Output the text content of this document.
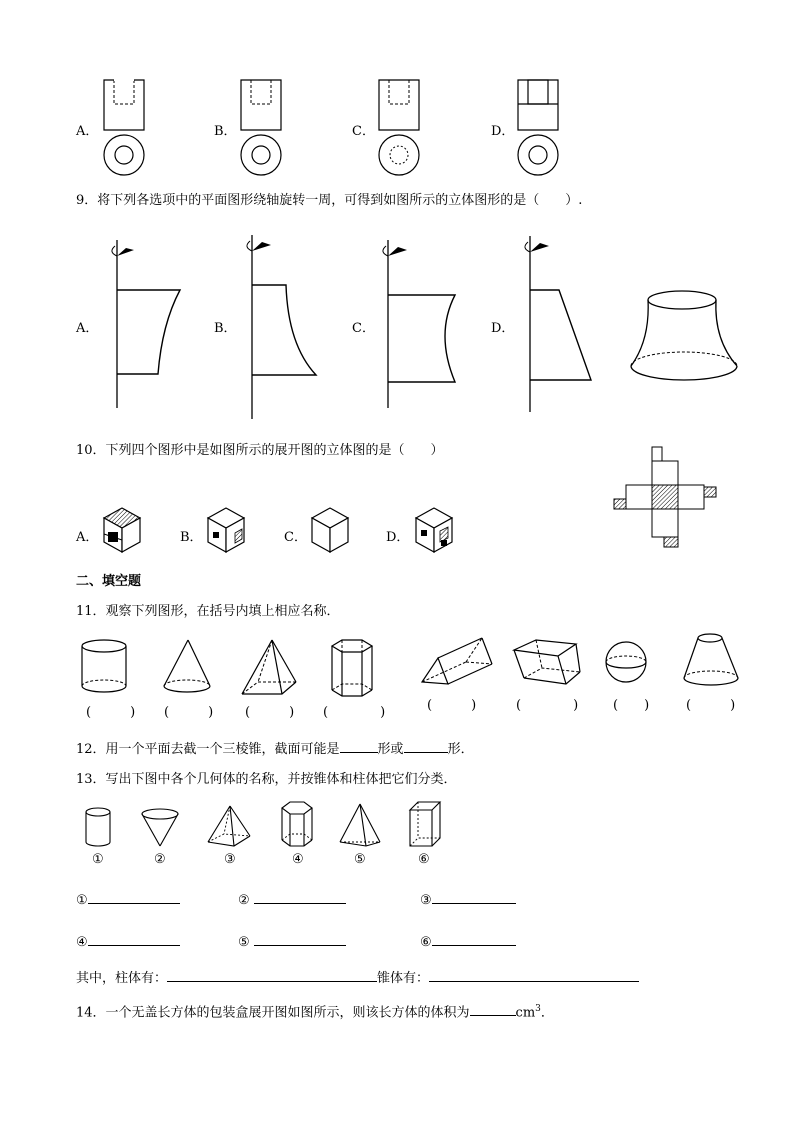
A．	B．	C．	D．
9．将下列各选项中的平面图形绕轴旋转一周，可得到如图所示的立体图形的是（　　）.
A．	B．	C．	D．
10．下列四个图形中是如图所示的展开图的立体图的是（　　）
A．	B．	C．	D．
二、填空题
11．观察下列图形，在括号内填上相应名称．
(　　　) (　　　) (　　　) (　　　　)	(　　　)	(　　　　)	(　　)	(　　　)
12．用一个平面去截一个三棱锥，截面可能是	形或	形．
13．写出下图中各个几何体的名称，并按锥体和柱体把它们分类．
①	②	③	④	⑤	⑥
①	②	③
④	⑤	⑥
其中，柱体有：	锥体有：
14．一个无盖长方体的包装盒展开图如图所示，则该长方体的体积为	$cm^3$．
